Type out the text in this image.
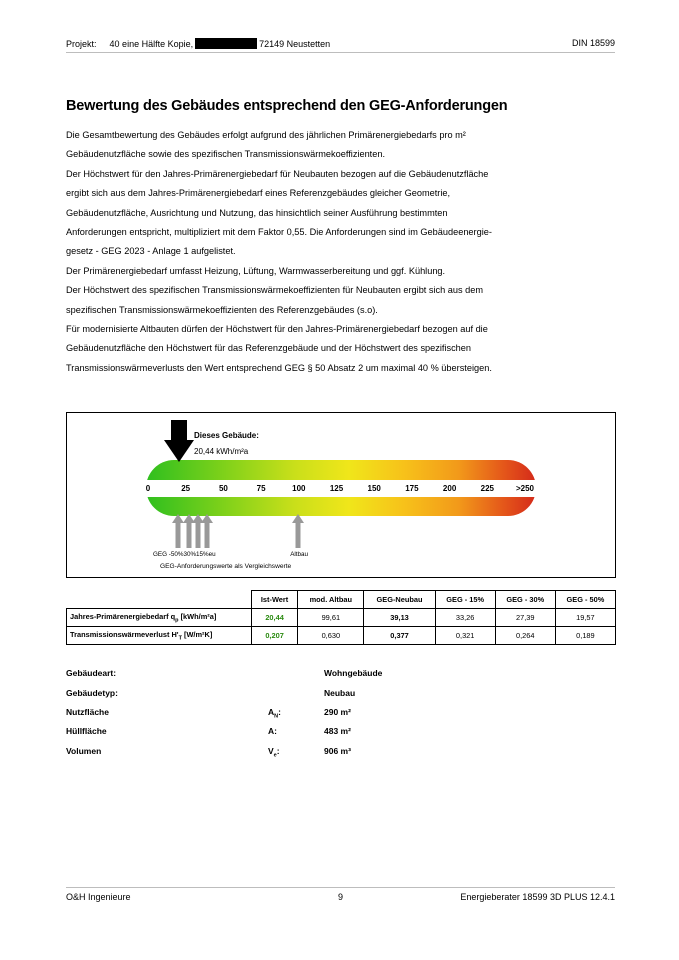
Projekt: 40 eine Hälfte Kopie,	72149 Neustetten	DIN 18599
Bewertung des Gebäudes entsprechend den GEG-Anforderungen
Die Gesamtbewertung des Gebäudes erfolgt aufgrund des jährlichen Primärenergiebedarfs pro m²
Gebäudenutzfläche sowie des spezifischen Transmissionswärmekoeffizienten.
Der Höchstwert für den Jahres-Primärenergiebedarf für Neubauten bezogen auf die Gebäudenutzfläche
ergibt sich aus dem Jahres-Primärenergiebedarf eines Referenzgebäudes gleicher Geometrie,
Gebäudenutzfläche, Ausrichtung und Nutzung, das hinsichtlich seiner Ausführung bestimmten
Anforderungen entspricht, multipliziert mit dem Faktor 0,55. Die Anforderungen sind im Gebäudeenergie-
gesetz - GEG 2023 - Anlage 1 aufgelistet.
Der Primärenergiebedarf umfasst Heizung, Lüftung, Warmwasserbereitung und ggf. Kühlung.
Der Höchstwert des spezifischen Transmissionswärmekoeffizienten für Neubauten ergibt sich aus dem
spezifischen Transmissionswärmekoeffizienten des Referenzgebäudes (s.o).
Für modernisierte Altbauten dürfen der Höchstwert für den Jahres-Primärenergiebedarf bezogen auf die
Gebäudenutzfläche den Höchstwert für das Referenzgebäude und der Höchstwert des spezifischen
Transmissionswärmeverlusts den Wert entsprechend GEG § 50 Absatz 2 um maximal 40 % übersteigen.
0	25	50	75	100	125	150	175	200	225	>250
Dieses Gebäude:
20,44 kWh/m²a
GEG -50%30%15%eu	Altbau
GEG-Anforderungswerte als Vergleichswerte
	Ist-Wert	mod. Altbau	GEG-Neubau	GEG - 15%	GEG - 30%	GEG - 50%
Jahres-Primärenergiebedarf $q_p$ [kWh/m²a]	20,44	99,61	39,13	33,26	27,39	19,57
Transmissionswärmeverlust $H'_T$ [W/m²K]	0,207	0,630	0,377	0,321	0,264	0,189
Gebäudeart:	Wohngebäude
Gebäudetyp:	Neubau
Nutzfläche	$A_N$:	290 m²
Hüllfläche	A:	483 m²
Volumen	$V_e$:	906 m³
O&H Ingenieure	9	Energieberater 18599 3D PLUS 12.4.1
